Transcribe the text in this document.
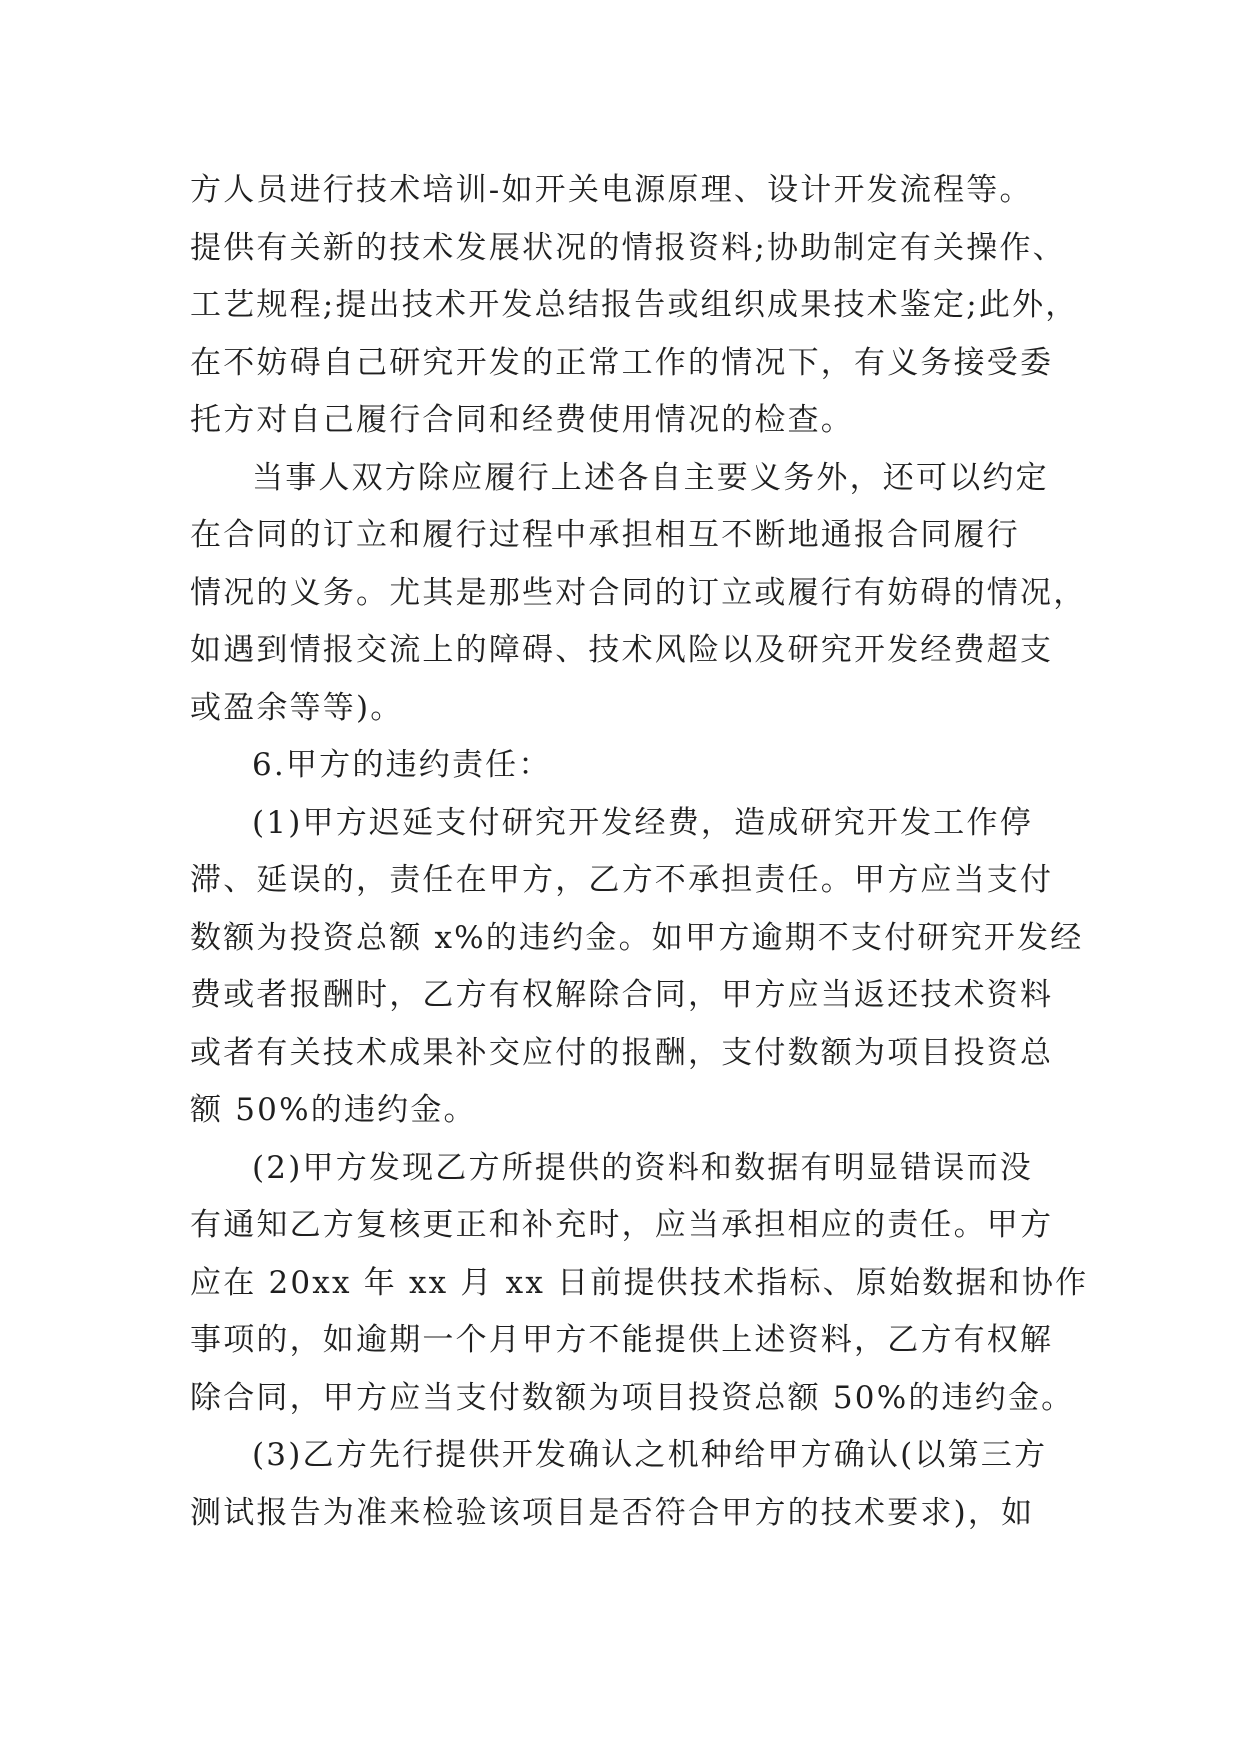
方人员进行技术培训-如开关电源原理、设计开发流程等。
提供有关新的技术发展状况的情报资料;协助制定有关操作、
工艺规程;提出技术开发总结报告或组织成果技术鉴定;此外，
在不妨碍自己研究开发的正常工作的情况下，有义务接受委
托方对自己履行合同和经费使用情况的检查。
当事人双方除应履行上述各自主要义务外，还可以约定
在合同的订立和履行过程中承担相互不断地通报合同履行
情况的义务。尤其是那些对合同的订立或履行有妨碍的情况，
如遇到情报交流上的障碍、技术风险以及研究开发经费超支
或盈余等等)。
6.甲方的违约责任：
(1)甲方迟延支付研究开发经费，造成研究开发工作停
滞、延误的，责任在甲方，乙方不承担责任。甲方应当支付
数额为投资总额 x%的违约金。如甲方逾期不支付研究开发经
费或者报酬时，乙方有权解除合同，甲方应当返还技术资料
或者有关技术成果补交应付的报酬，支付数额为项目投资总
额 50%的违约金。
(2)甲方发现乙方所提供的资料和数据有明显错误而没
有通知乙方复核更正和补充时，应当承担相应的责任。甲方
应在 20xx 年 xx 月 xx 日前提供技术指标、原始数据和协作
事项的，如逾期一个月甲方不能提供上述资料，乙方有权解
除合同，甲方应当支付数额为项目投资总额 50%的违约金。
(3)乙方先行提供开发确认之机种给甲方确认(以第三方
测试报告为准来检验该项目是否符合甲方的技术要求)，如
